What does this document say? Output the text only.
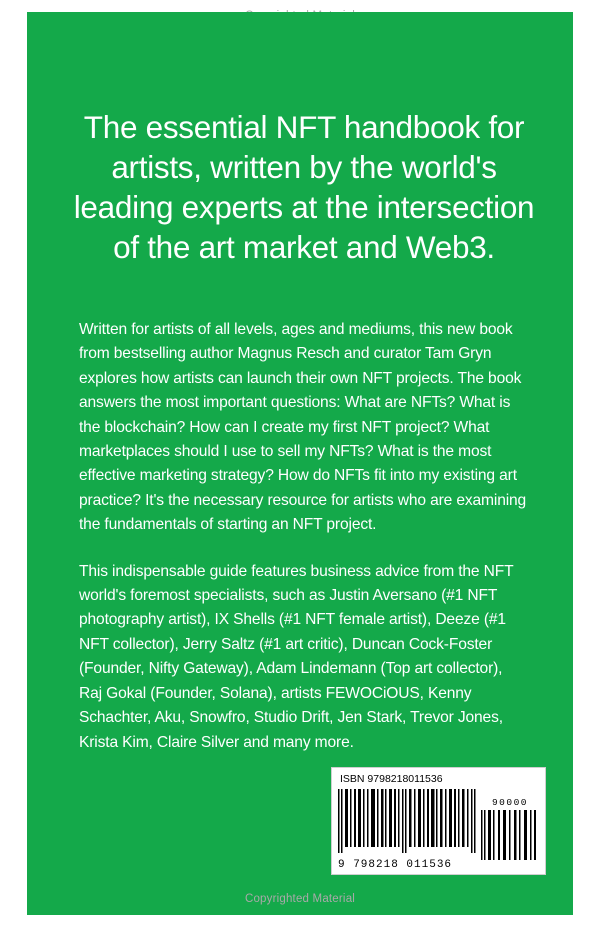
The essential NFT handbook for artists, written by the world's leading experts at the intersection of the art market and Web3.

Written for artists of all levels, ages and mediums, this new book from bestselling author Magnus Resch and curator Tam Gryn explores how artists can launch their own NFT projects. The book answers the most important questions: What are NFTs? What is the blockchain? How can I create my first NFT project? What marketplaces should I use to sell my NFTs? What is the most effective marketing strategy? How do NFTs fit into my existing art practice? It's the necessary resource for artists who are examining the fundamentals of starting an NFT project.

This indispensable guide features business advice from the NFT world's foremost specialists, such as Justin Aversano (#1 NFT photography artist), IX Shells (#1 NFT female artist), Deeze (#1 NFT collector), Jerry Saltz (#1 art critic), Duncan Cock-Foster (Founder, Nifty Gateway), Adam Lindemann (Top art collector), Raj Gokal (Founder, Solana), artists FEWOCiOUS, Kenny Schachter, Aku, Snowfro, Studio Drift, Jen Stark, Trevor Jones, Krista Kim, Claire Silver and many more.

ISBN 9798218011536
9 798218 011536
90000
Copyrighted Material
